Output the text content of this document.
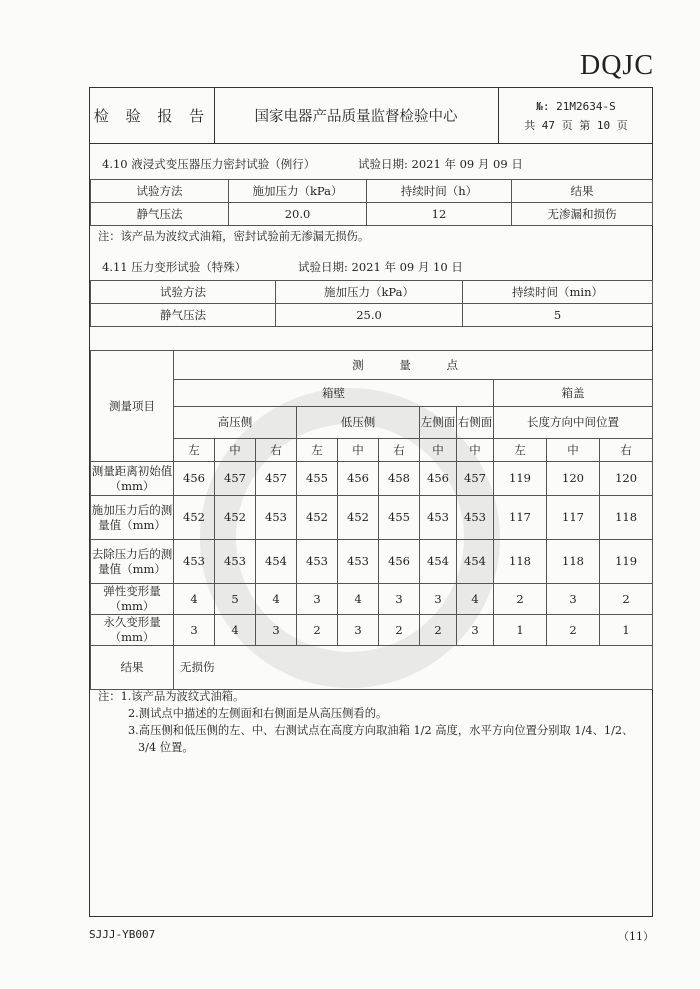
DQJC
检 验 报 告	国家电器产品质量监督检验中心
№: 21M2634-S
共 47 页 第 10 页
4.10 液浸式变压器压力密封试验（例行）	试验日期: 2021 年 09 月 09 日
试验方法	施加压力（kPa）	持续时间（h）	结果
静气压法	20.0	12	无渗漏和损伤
注：该产品为波纹式油箱，密封试验前无渗漏无损伤。
4.11 压力变形试验（特殊）	试验日期: 2021 年 09 月 10 日
试验方法	施加压力（kPa）	持续时间（min）
静气压法	25.0	5
测量项目	测 量 点										
	箱壁								箱盖		
	高压侧			低压侧			左侧面	右侧面	长度方向中间位置		
	左	中	右	左	中	右	中	中	左	中	右
测量距离初始值（mm）	456	457	457	455	456	458	456	457	119	120	120
施加压力后的测量值（mm）	452	452	453	452	452	455	453	453	117	117	118
去除压力后的测量值（mm）	453	453	454	453	453	456	454	454	118	118	119
弹性变形量（mm）	4	5	4	3	4	3	3	4	2	3	2
永久变形量（mm）	3	4	3	2	3	2	2	3	1	2	1
结果	无损伤										
注：1.该产品为波纹式油箱。
2.测试点中描述的左侧面和右侧面是从高压侧看的。
3.高压侧和低压侧的左、中、右测试点在高度方向取油箱 1/2 高度，水平方向位置分别取 1/4、1/2、
3/4 位置。
SJJJ-YB007	（11）
